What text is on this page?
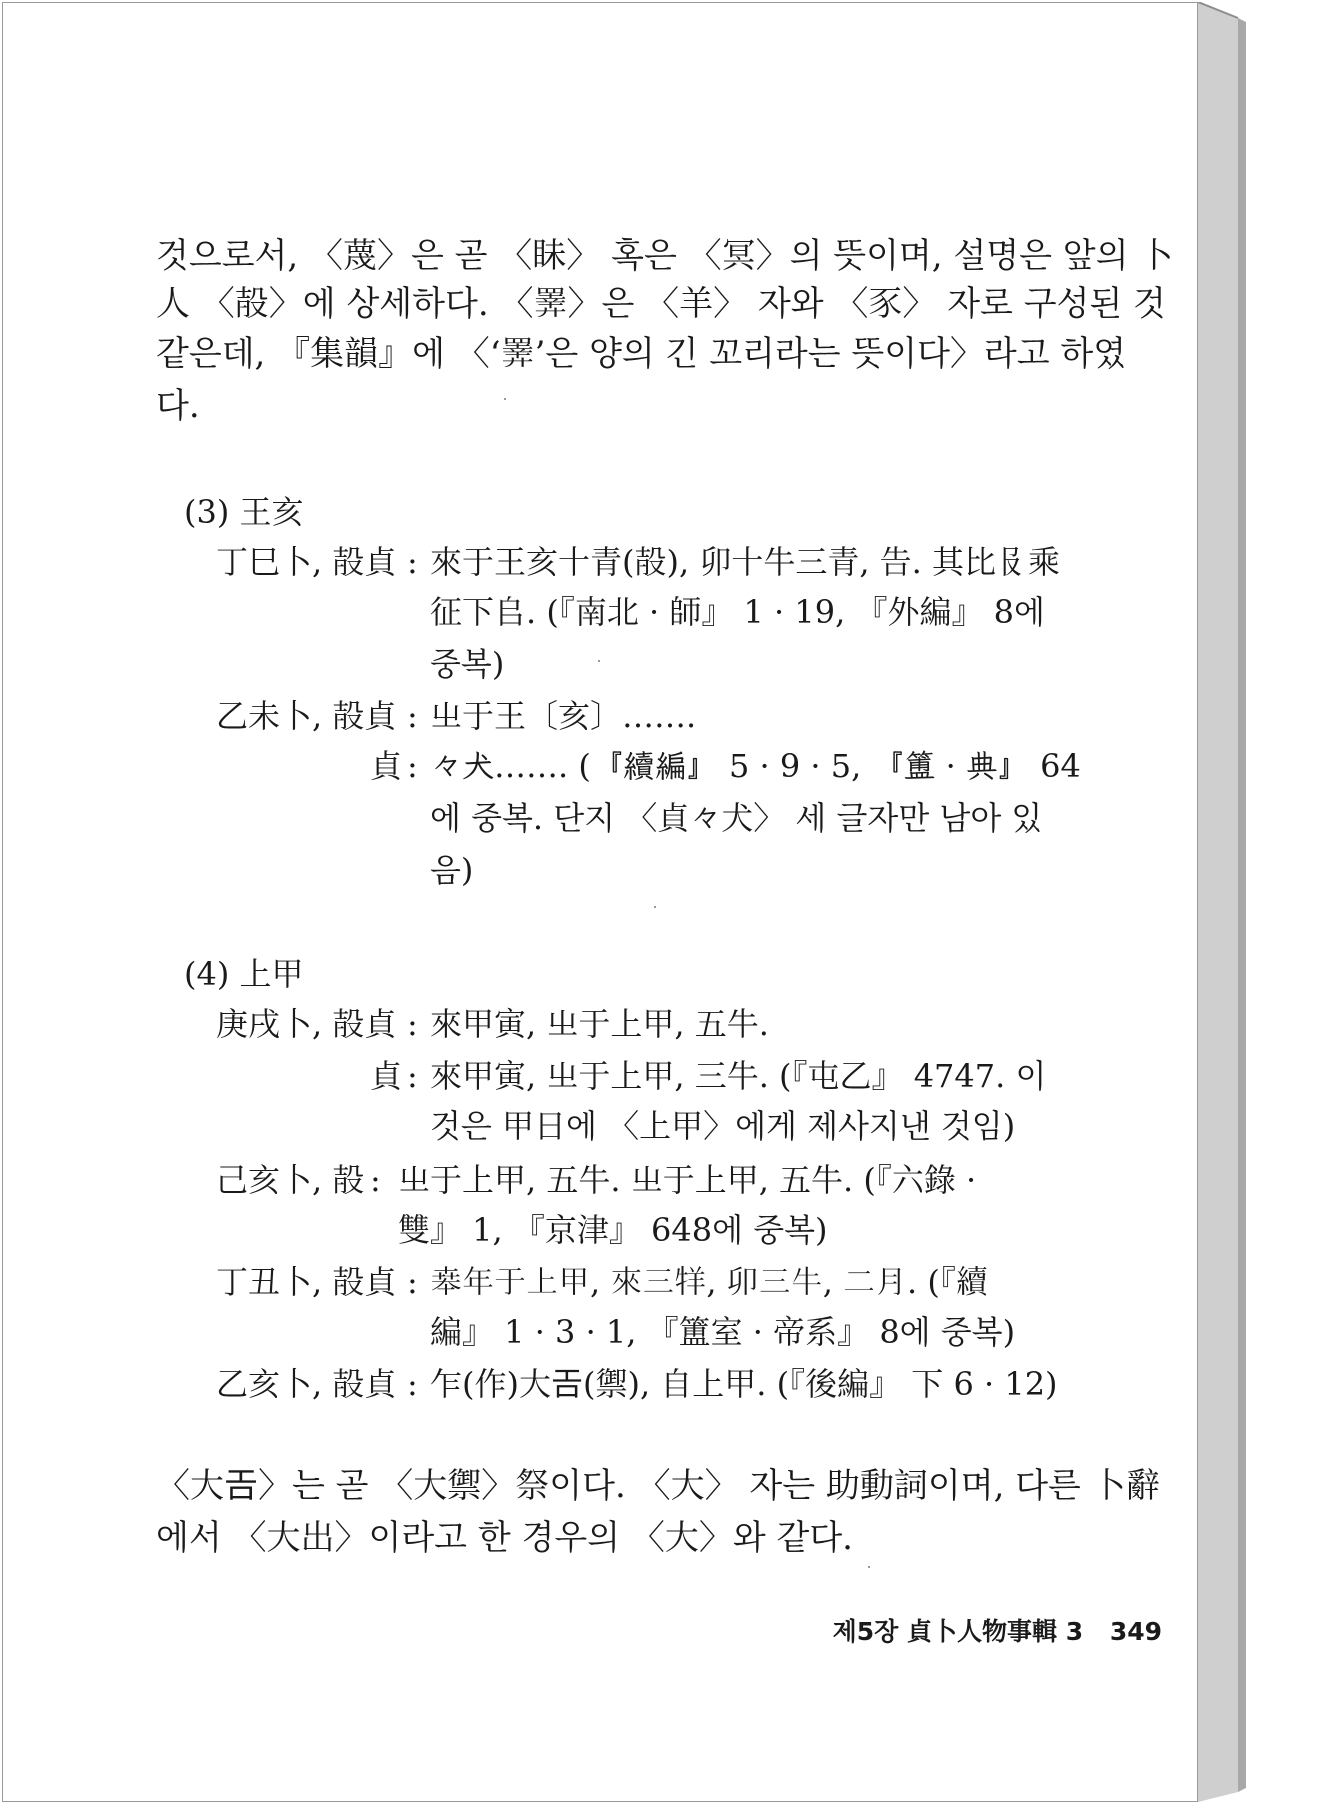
것으로서, 〈蔑〉은 곧 〈眛〉 혹은 〈冥〉의 뜻이며, 설명은 앞의 卜
人 〈㱿〉에 상세하다. 〈𢍰〉은 〈羊〉 자와 〈豕〉 자로 구성된 것
같은데, 『集韻』에 〈‘𢍰’은 양의 긴 꼬리라는 뜻이다〉라고 하였
다.
(3) 王亥
丁巳卜, 㱿貞 : 來于王亥十青(㱿), 卯十牛三青, 告. 其比𠬝乘
征下𠂤. (『南北 · 師』 1 · 19, 『外編』 8에
중복)
乙未卜, 㱿貞 : 㞢于王〔亥〕…….
貞 : 𠚤犬……. (『續編』 5 · 9 · 5, 『簠 · 典』 64
에 중복. 단지 〈貞𠚤犬〉 세 글자만 남아 있
음)
(4) 上甲
庚戌卜, 㱿貞 : 來甲寅, 㞢于上甲, 五牛.
貞 : 來甲寅, 㞢于上甲, 三牛. (『屯乙』 4747. 이
것은 甲日에 〈上甲〉에게 제사지낸 것임)
己亥卜, 㱿 : 㞢于上甲, 五牛. 㞢于上甲, 五牛. (『六錄 ·
雙』 1, 『京津』 648에 중복)
丁丑卜, 㱿貞 : 𠦪年于上甲, 來三䍧, 卯三牛, 二月. (『續
編』 1 · 3 · 1, 『簠室 · 帝系』 8에 중복)
乙亥卜, 㱿貞 : 乍(作)大𢀛(禦), 自上甲. (『後編』 下 6 · 12)
〈大𢀛〉는 곧 〈大禦〉祭이다. 〈大〉 자는 助動詞이며, 다른 卜辭
에서 〈大出〉이라고 한 경우의 〈大〉와 같다.
제5장 貞卜人物事輯 3 349
